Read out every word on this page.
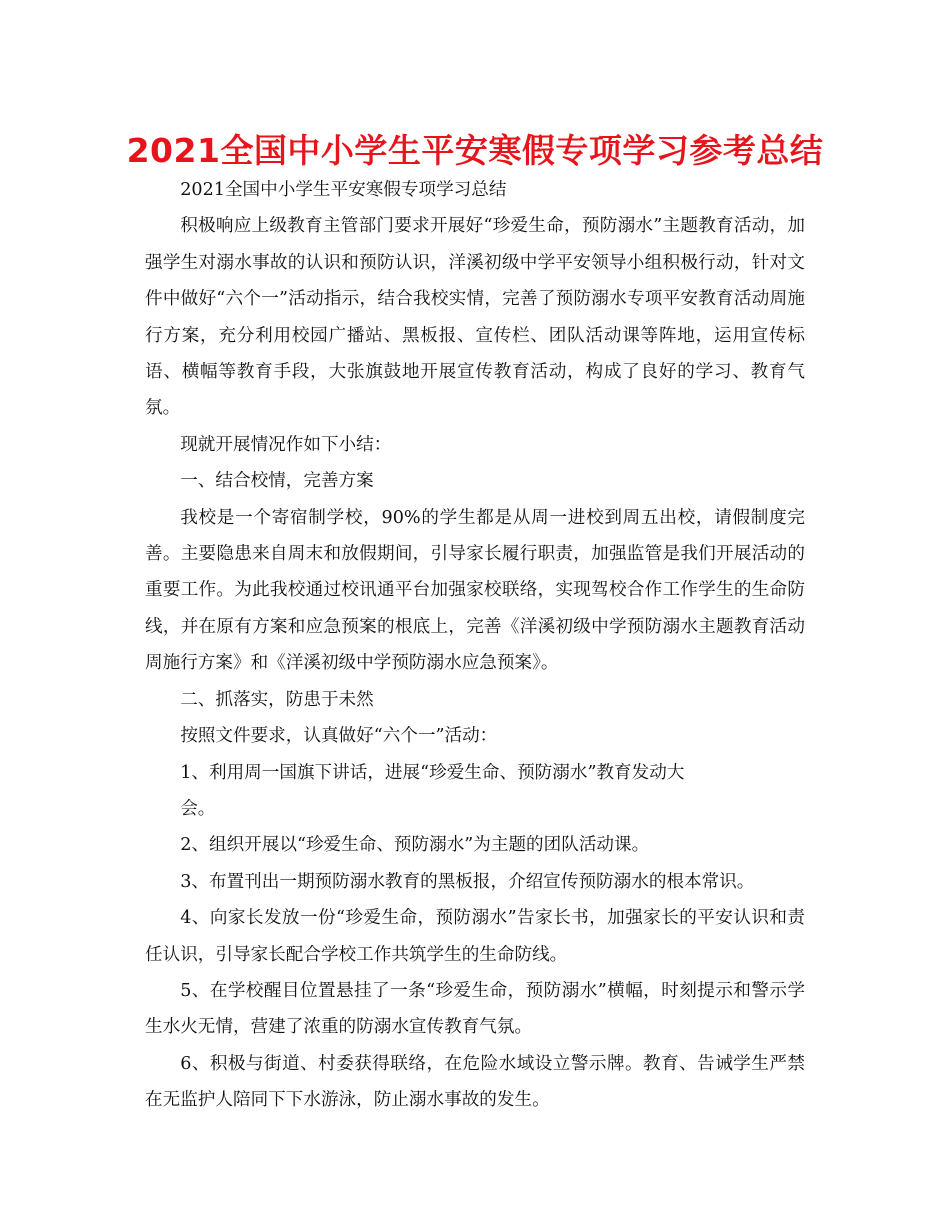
2021全国中小学生平安寒假专项学习参考总结

2021全国中小学生平安寒假专项学习总结

积极响应上级教育主管部门要求开展好“珍爱生命，预防溺水”主题教育活动，加强学生对溺水事故的认识和预防认识，洋溪初级中学平安领导小组积极行动，针对文件中做好“六个一”活动指示，结合我校实情，完善了预防溺水专项平安教育活动周施行方案，充分利用校园广播站、黑板报、宣传栏、团队活动课等阵地，运用宣传标语、横幅等教育手段，大张旗鼓地开展宣传教育活动，构成了良好的学习、教育气氛。

现就开展情况作如下小结：

一、结合校情，完善方案

我校是一个寄宿制学校，90%的学生都是从周一进校到周五出校，请假制度完善。主要隐患来自周末和放假期间，引导家长履行职责，加强监管是我们开展活动的重要工作。为此我校通过校讯通平台加强家校联络，实现驾校合作工作学生的生命防线，并在原有方案和应急预案的根底上，完善《洋溪初级中学预防溺水主题教育活动周施行方案》和《洋溪初级中学预防溺水应急预案》。

二、抓落实，防患于未然

按照文件要求，认真做好“六个一”活动：

1、利用周一国旗下讲话，进展“珍爱生命、预防溺水”教育发动大

会。

2、组织开展以“珍爱生命、预防溺水”为主题的团队活动课。

3、布置刊出一期预防溺水教育的黑板报，介绍宣传预防溺水的根本常识。

4、向家长发放一份“珍爱生命，预防溺水”告家长书，加强家长的平安认识和责任认识，引导家长配合学校工作共筑学生的生命防线。

5、在学校醒目位置悬挂了一条“珍爱生命，预防溺水”横幅，时刻提示和警示学生水火无情，营建了浓重的防溺水宣传教育气氛。

6、积极与街道、村委获得联络，在危险水域设立警示牌。教育、告诫学生严禁在无监护人陪同下下水游泳，防止溺水事故的发生。
